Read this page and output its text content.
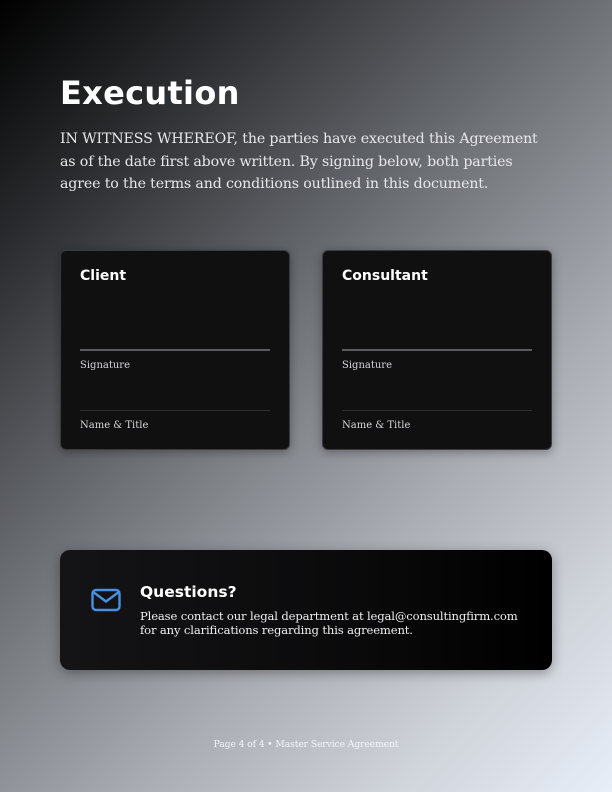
Execution

IN WITNESS WHEREOF, the parties have executed this Agreement as of the date first above written. By signing below, both parties agree to the terms and conditions outlined in this document.

Client
Signature
Name & Title
Consultant
Signature
Name & Title
Questions?

Please contact our legal department at legal@consultingfirm.com for any clarifications regarding this agreement.

Page 4 of 4 • Master Service Agreement
